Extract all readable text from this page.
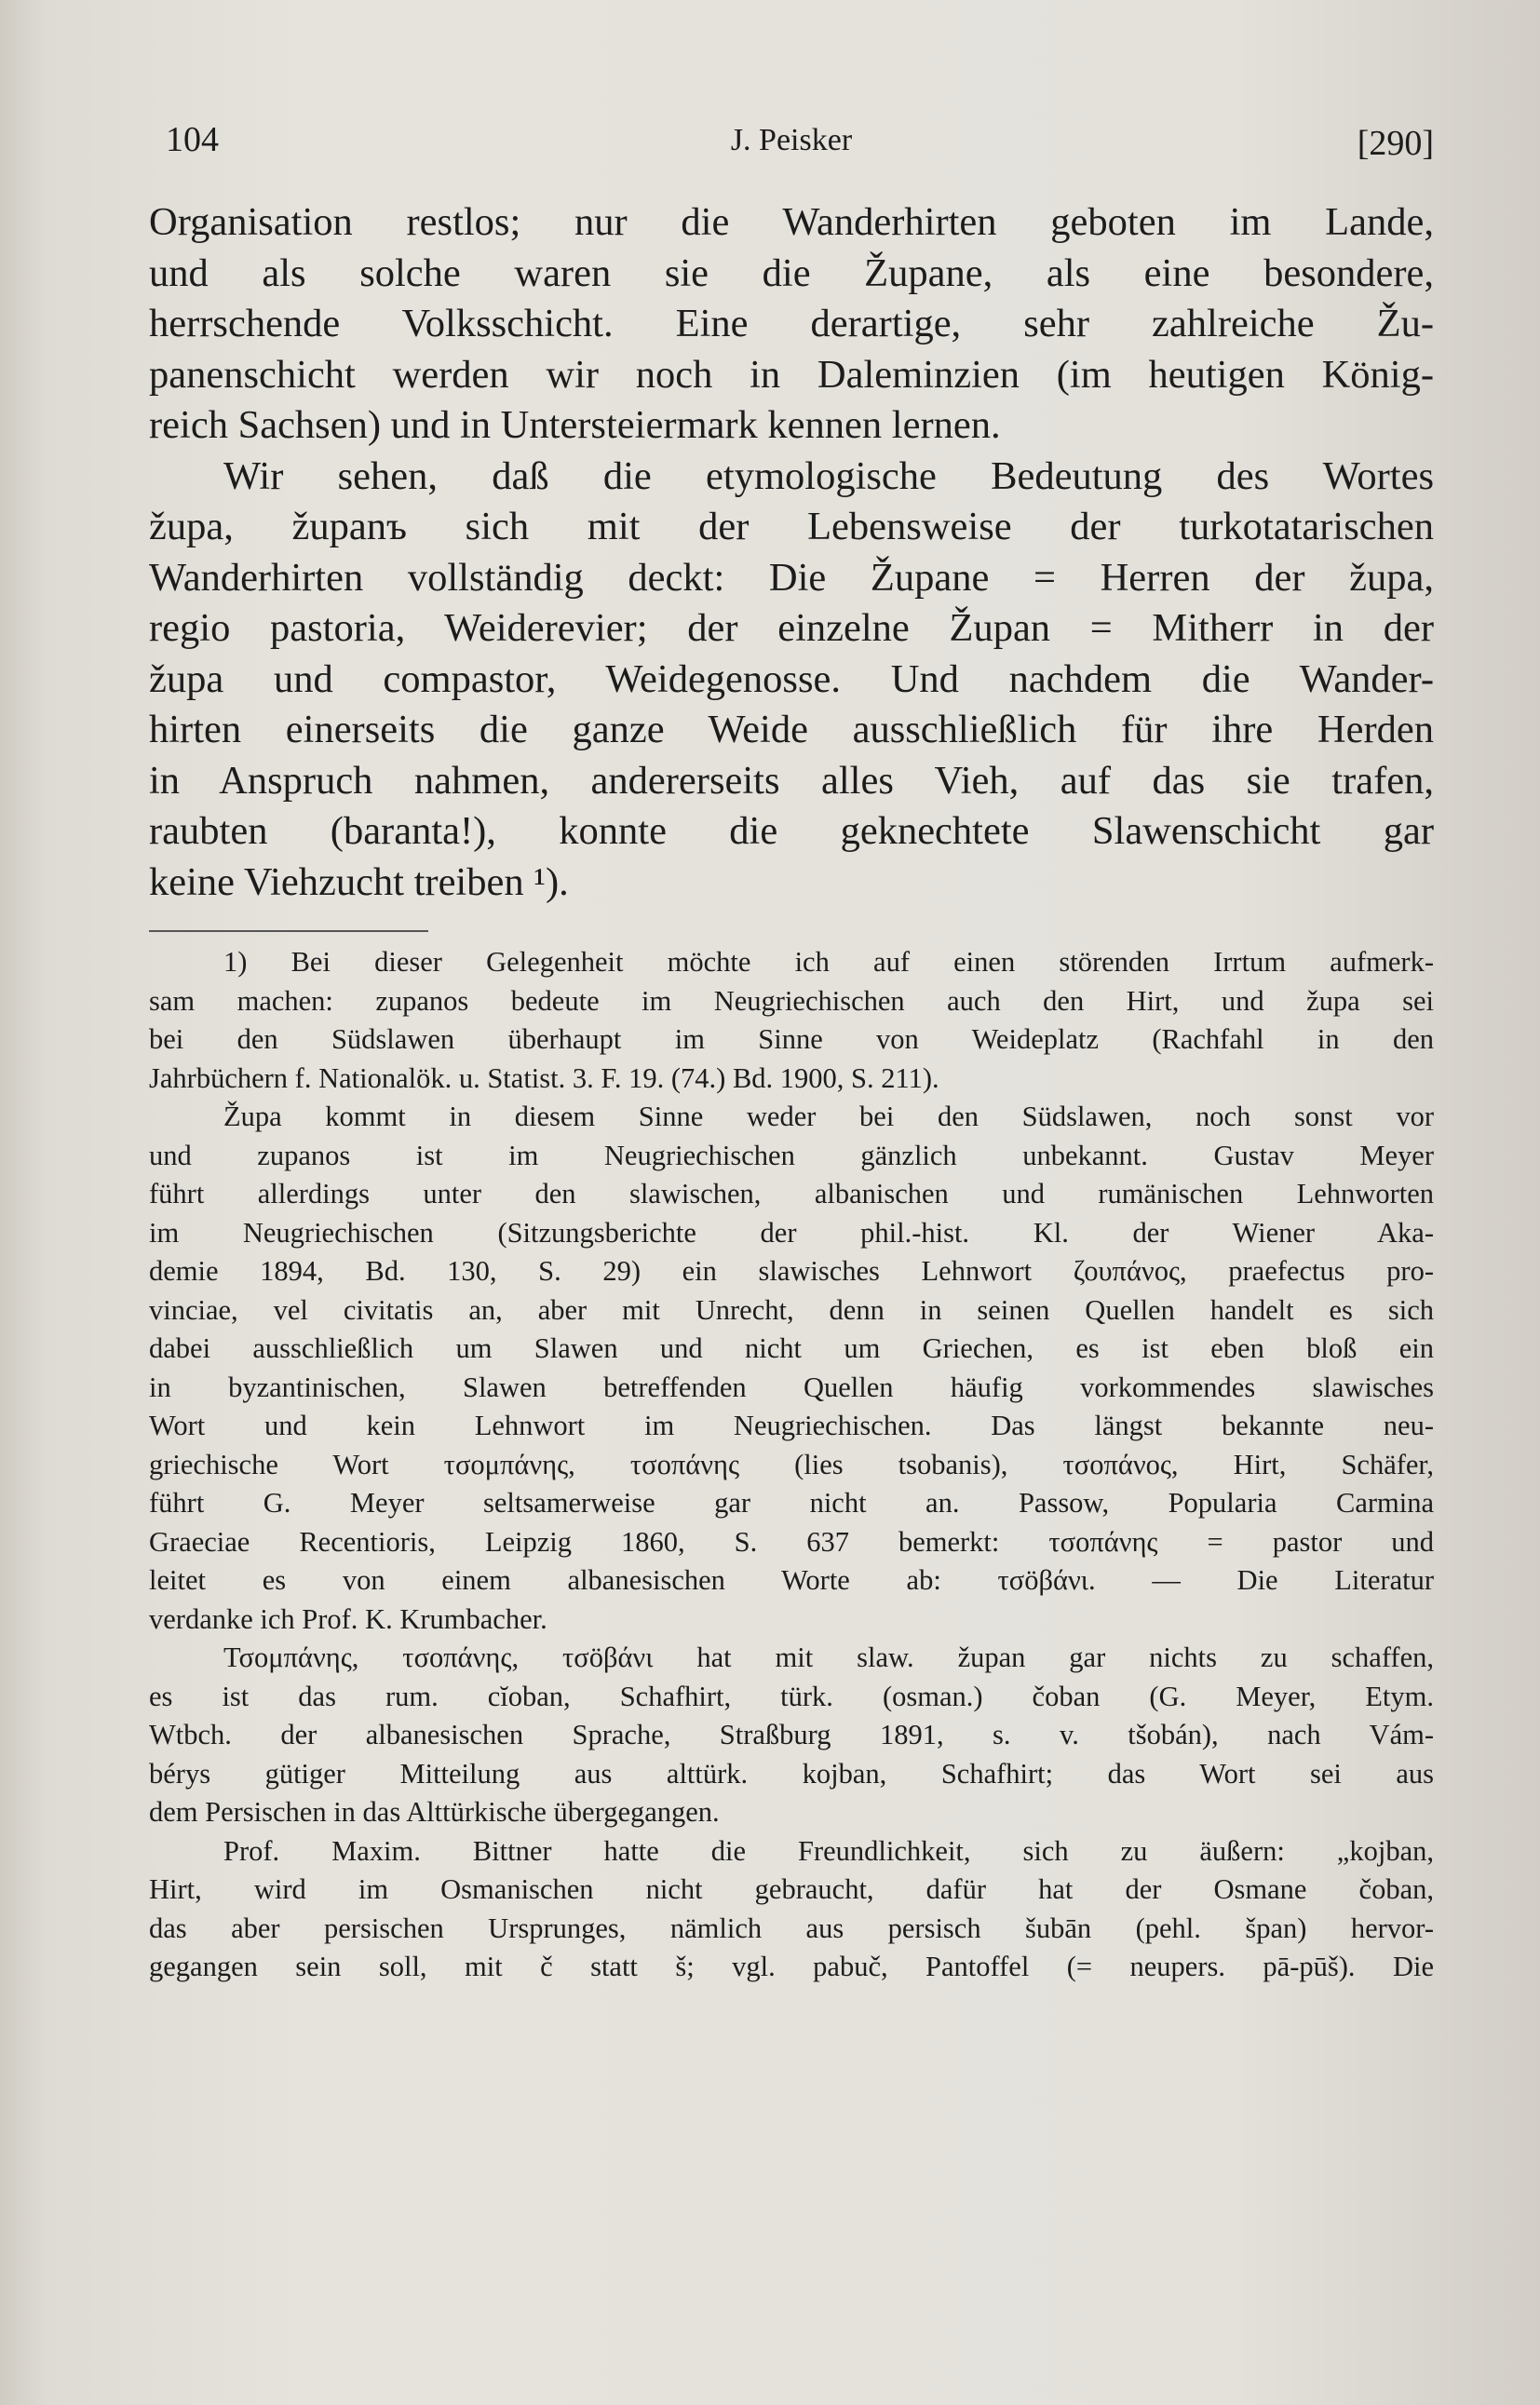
104	J. Peisker	[290]
Organisation restlos; nur die Wanderhirten geboten im Lande,
und als solche waren sie die Župane, als eine besondere,
herrschende Volksschicht. Eine derartige, sehr zahlreiche Žu-
panenschicht werden wir noch in Daleminzien (im heutigen König-
reich Sachsen) und in Untersteiermark kennen lernen.
Wir sehen, daß die etymologische Bedeutung des Wortes
župa, županъ sich mit der Lebensweise der turkotatarischen
Wanderhirten vollständig deckt: Die Župane = Herren der župa,
regio pastoria, Weiderevier; der einzelne Župan = Mitherr in der
župa und compastor, Weidegenosse. Und nachdem die Wander-
hirten einerseits die ganze Weide ausschließlich für ihre Herden
in Anspruch nahmen, andererseits alles Vieh, auf das sie trafen,
raubten (baranta!), konnte die geknechtete Slawenschicht gar
keine Viehzucht treiben ¹).
1) Bei dieser Gelegenheit möchte ich auf einen störenden Irrtum aufmerk-
sam machen: zupanos bedeute im Neugriechischen auch den Hirt, und župa sei
bei den Südslawen überhaupt im Sinne von Weideplatz (Rachfahl in den
Jahrbüchern f. Nationalök. u. Statist. 3. F. 19. (74.) Bd. 1900, S. 211).
Župa kommt in diesem Sinne weder bei den Südslawen, noch sonst vor
und zupanos ist im Neugriechischen gänzlich unbekannt. Gustav Meyer
führt allerdings unter den slawischen, albanischen und rumänischen Lehnworten
im Neugriechischen (Sitzungsberichte der phil.-hist. Kl. der Wiener Aka-
demie 1894, Bd. 130, S. 29) ein slawisches Lehnwort ζουπάνος, praefectus pro-
vinciae, vel civitatis an, aber mit Unrecht, denn in seinen Quellen handelt es sich
dabei ausschließlich um Slawen und nicht um Griechen, es ist eben bloß ein
in byzantinischen, Slawen betreffenden Quellen häufig vorkommendes slawisches
Wort und kein Lehnwort im Neugriechischen. Das längst bekannte neu-
griechische Wort τσομπάνης, τσοπάνης (lies tsobanis), τσοπάνος, Hirt, Schäfer,
führt G. Meyer seltsamerweise gar nicht an. Passow, Popularia Carmina
Graeciae Recentioris, Leipzig 1860, S. 637 bemerkt: τσοπάνης = pastor und
leitet es von einem albanesischen Worte ab: τσöβάνι. — Die Literatur
verdanke ich Prof. K. Krumbacher.
Τσομπάνης, τσοπάνης, τσöβάνι hat mit slaw. župan gar nichts zu schaffen,
es ist das rum. cĭoban, Schafhirt, türk. (osman.) čoban (G. Meyer, Etym.
Wtbch. der albanesischen Sprache, Straßburg 1891, s. v. tšobán), nach Vám-
bérys gütiger Mitteilung aus alttürk. kojban, Schafhirt; das Wort sei aus
dem Persischen in das Alttürkische übergegangen.
Prof. Maxim. Bittner hatte die Freundlichkeit, sich zu äußern: „kojban,
Hirt, wird im Osmanischen nicht gebraucht, dafür hat der Osmane čoban,
das aber persischen Ursprunges, nämlich aus persisch šubān (pehl. špan) hervor-
gegangen sein soll, mit č statt š; vgl. pabuč, Pantoffel (= neupers. pā-pūš). Die
